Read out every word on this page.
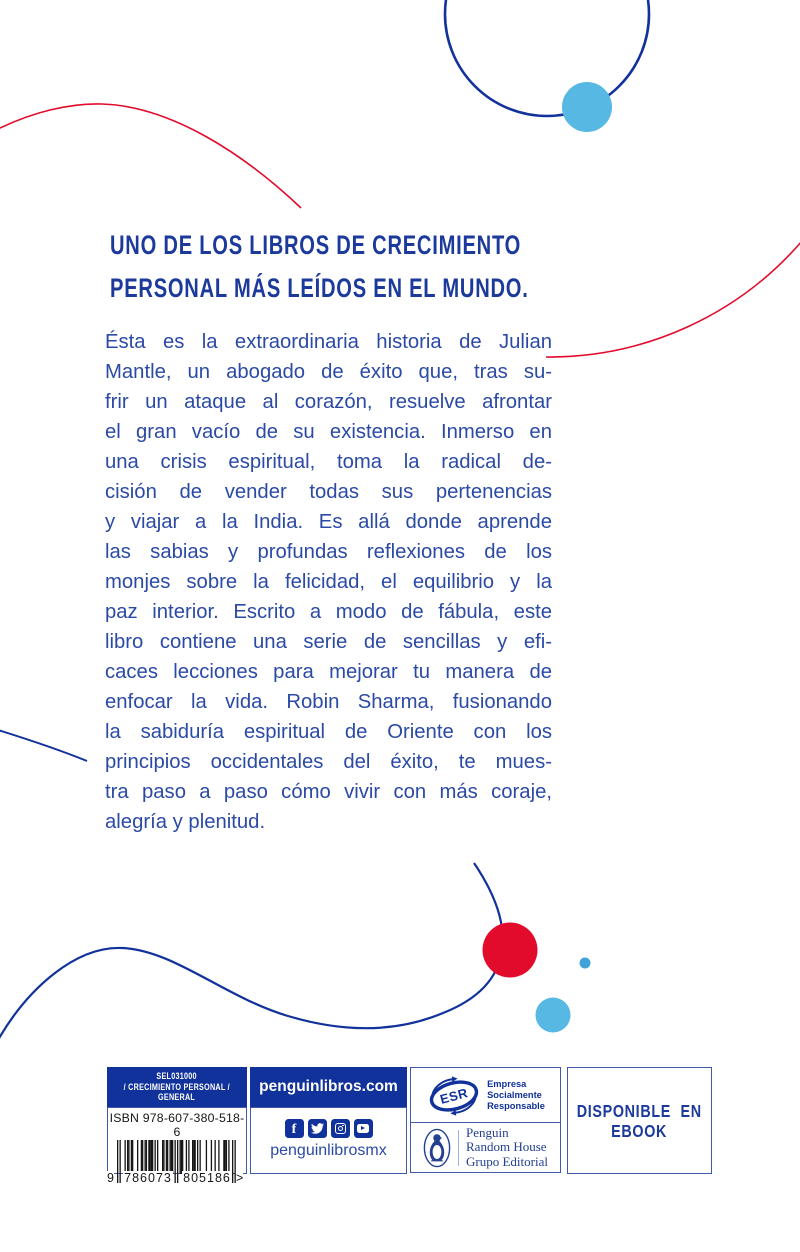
UNO DE LOS LIBROS DE CRECIMIENTO
PERSONAL MÁS LEÍDOS EN EL MUNDO.
Ésta es la extraordinaria historia de Julian
Mantle, un abogado de éxito que, tras su-
frir un ataque al corazón, resuelve afrontar
el gran vacío de su existencia. Inmerso en
una crisis espiritual, toma la radical de-
cisión de vender todas sus pertenencias
y viajar a la India. Es allá donde aprende
las sabias y profundas reflexiones de los
monjes sobre la felicidad, el equilibrio y la
paz interior. Escrito a modo de fábula, este
libro contiene una serie de sencillas y efi-
caces lecciones para mejorar tu manera de
enfocar la vida. Robin Sharma, fusionando
la sabiduría espiritual de Oriente con los
principios occidentales del éxito, te mues-
tra paso a paso cómo vivir con más coraje,
alegría y plenitud.
SEL031000
/ CRECIMIENTO PERSONAL /
GENERAL
ISBN 978-607-380-518-6
9 786073 805186 >
penguinlibros.com
f
penguinlibrosmx
ESR
Empresa
Socialmente
Responsable
Penguin
Random House
Grupo Editorial
DISPONIBLE EN
EBOOK
